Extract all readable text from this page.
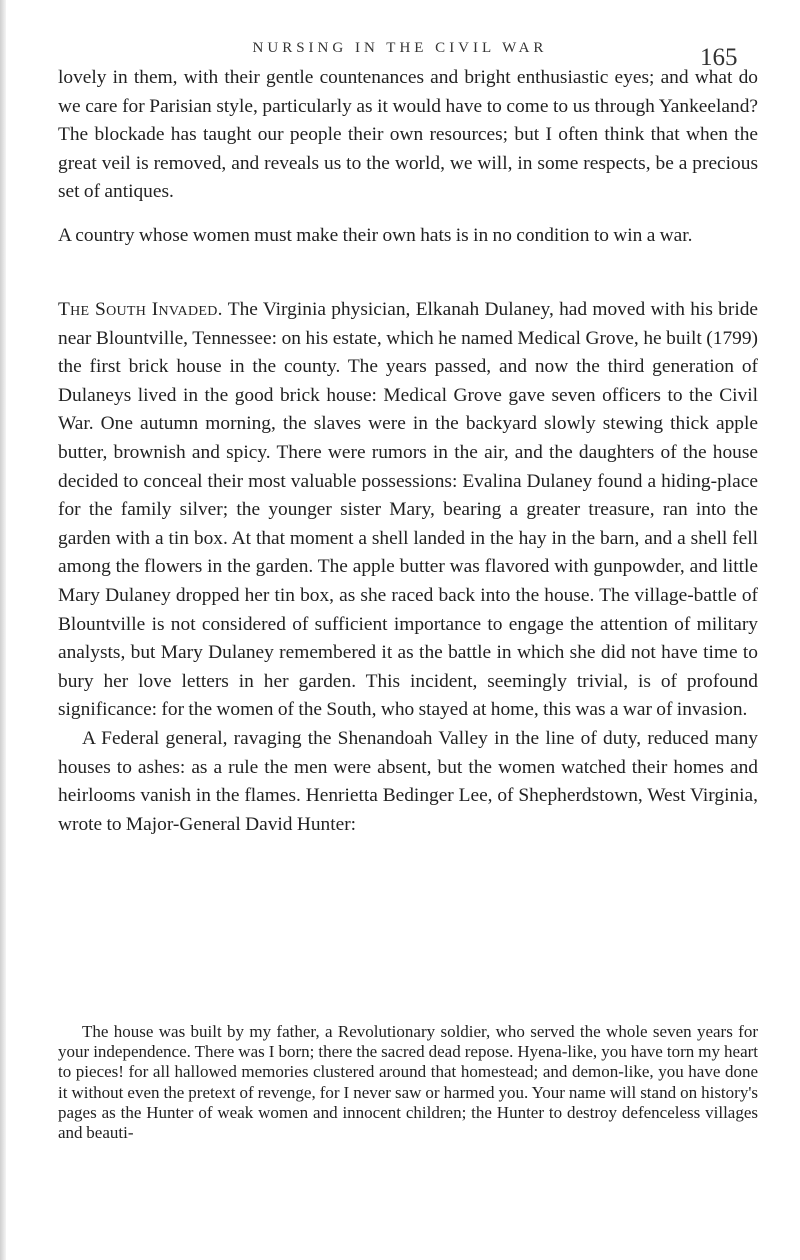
NURSING IN THE CIVIL WAR	165

lovely in them, with their gentle countenances and bright enthusiastic eyes; and what do we care for Parisian style, particularly as it would have to come to us through Yankeeland? The blockade has taught our people their own resources; but I often think that when the great veil is removed, and reveals us to the world, we will, in some respects, be a precious set of antiques.

A country whose women must make their own hats is in no condition to win a war.

The South Invaded. The Virginia physician, Elkanah Dulaney, had moved with his bride near Blountville, Tennessee: on his estate, which he named Medical Grove, he built (1799) the first brick house in the county. The years passed, and now the third generation of Dulaneys lived in the good brick house: Medical Grove gave seven officers to the Civil War. One autumn morning, the slaves were in the backyard slowly stewing thick apple butter, brownish and spicy. There were rumors in the air, and the daughters of the house decided to conceal their most valuable possessions: Evalina Dulaney found a hiding-place for the family silver; the younger sister Mary, bearing a greater treasure, ran into the garden with a tin box. At that moment a shell landed in the hay in the barn, and a shell fell among the flowers in the garden. The apple butter was flavored with gunpowder, and little Mary Dulaney dropped her tin box, as she raced back into the house. The village-battle of Blountville is not considered of sufficient importance to engage the attention of military analysts, but Mary Dulaney remembered it as the battle in which she did not have time to bury her love letters in her garden. This incident, seemingly trivial, is of profound significance: for the women of the South, who stayed at home, this was a war of invasion.

A Federal general, ravaging the Shenandoah Valley in the line of duty, reduced many houses to ashes: as a rule the men were absent, but the women watched their homes and heirlooms vanish in the flames. Henrietta Bedinger Lee, of Shepherdstown, West Virginia, wrote to Major-General David Hunter:

The house was built by my father, a Revolutionary soldier, who served the whole seven years for your independence. There was I born; there the sacred dead repose. Hyena-like, you have torn my heart to pieces! for all hallowed memories clustered around that homestead; and demon-like, you have done it without even the pretext of revenge, for I never saw or harmed you. Your name will stand on history's pages as the Hunter of weak women and innocent children; the Hunter to destroy defenceless villages and beauti-
